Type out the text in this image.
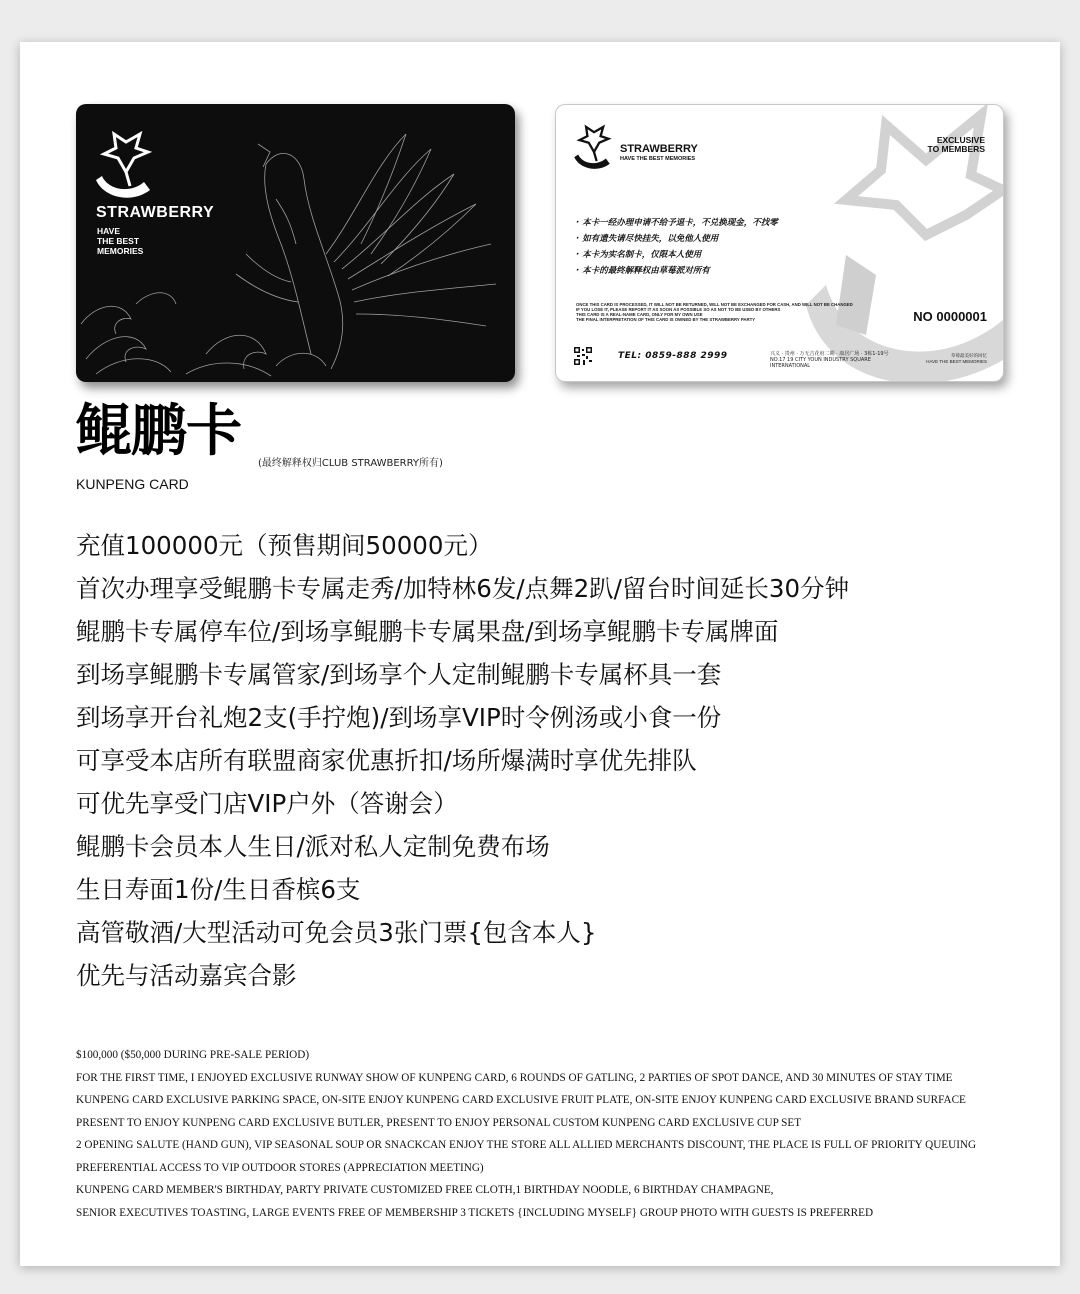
STRAWBERRY
HAVE
THE BEST
MEMORIES
STRAWBERRY
HAVE THE BEST MEMORIES
EXCLUSIVE
TO MEMBERS
· 本卡一经办理申请不给予退卡，不兑换现金，不找零
· 如有遗失请尽快挂失，以免他人使用
· 本卡为实名制卡，仅限本人使用
· 本卡的最终解释权由草莓派对所有
ONCE THIS CARD IS PROCESSED, IT WILL NOT BE RETURNED, WILL NOT BE EXCHANGED FOR CASH, AND WILL NOT BE CHANGED
IF YOU LOSE IT, PLEASE REPORT IT AS SOON AS POSSIBLE SO AS NOT TO BE USED BY OTHERS
THIS CARD IS A REAL-NAME CARD, ONLY FOR MY OWN USE
THE FINAL INTERPRETATION OF THIS CARD IS OWNED BY THE STRAWBERRY PARTY	NO 0000001
TEL: 0859-888 2999	兴义 · 贵州 · 万无吉花府二期 · 康居广场 · 3栋1-19号
NO.17 19 CITY YOUN INDUSTRY SQUARE INTERNATIONAL
草莓最美好的回忆
HAVE THE BEST MEMORIES
鲲鹏卡 (最终解释权归CLUB STRAWBERRY所有)
KUNPENG CARD
充值100000元（预售期间50000元）
首次办理享受鲲鹏卡专属走秀/加特林6发/点舞2趴/留台时间延长30分钟
鲲鹏卡专属停车位/到场享鲲鹏卡专属果盘/到场享鲲鹏卡专属牌面
到场享鲲鹏卡专属管家/到场享个人定制鲲鹏卡专属杯具一套
到场享开台礼炮2支(手拧炮)/到场享VIP时令例汤或小食一份
可享受本店所有联盟商家优惠折扣/场所爆满时享优先排队
可优先享受门店VIP户外（答谢会）
鲲鹏卡会员本人生日/派对私人定制免费布场
生日寿面1份/生日香槟6支
高管敬酒/大型活动可免会员3张门票{包含本人}
优先与活动嘉宾合影
$100,000 ($50,000 DURING PRE-SALE PERIOD)
FOR THE FIRST TIME, I ENJOYED EXCLUSIVE RUNWAY SHOW OF KUNPENG CARD, 6 ROUNDS OF GATLING, 2 PARTIES OF SPOT DANCE, AND 30 MINUTES OF STAY TIME
KUNPENG CARD EXCLUSIVE PARKING SPACE, ON-SITE ENJOY KUNPENG CARD EXCLUSIVE FRUIT PLATE, ON-SITE ENJOY KUNPENG CARD EXCLUSIVE BRAND SURFACE
PRESENT TO ENJOY KUNPENG CARD EXCLUSIVE BUTLER, PRESENT TO ENJOY PERSONAL CUSTOM KUNPENG CARD EXCLUSIVE CUP SET
2 OPENING SALUTE (HAND GUN), VIP SEASONAL SOUP OR SNACKCAN ENJOY THE STORE ALL ALLIED MERCHANTS DISCOUNT, THE PLACE IS FULL OF PRIORITY QUEUING
PREFERENTIAL ACCESS TO VIP OUTDOOR STORES (APPRECIATION MEETING)
KUNPENG CARD MEMBER'S BIRTHDAY, PARTY PRIVATE CUSTOMIZED FREE CLOTH,1 BIRTHDAY NOODLE, 6 BIRTHDAY CHAMPAGNE,
SENIOR EXECUTIVES TOASTING, LARGE EVENTS FREE OF MEMBERSHIP 3 TICKETS {INCLUDING MYSELF} GROUP PHOTO WITH GUESTS IS PREFERRED
